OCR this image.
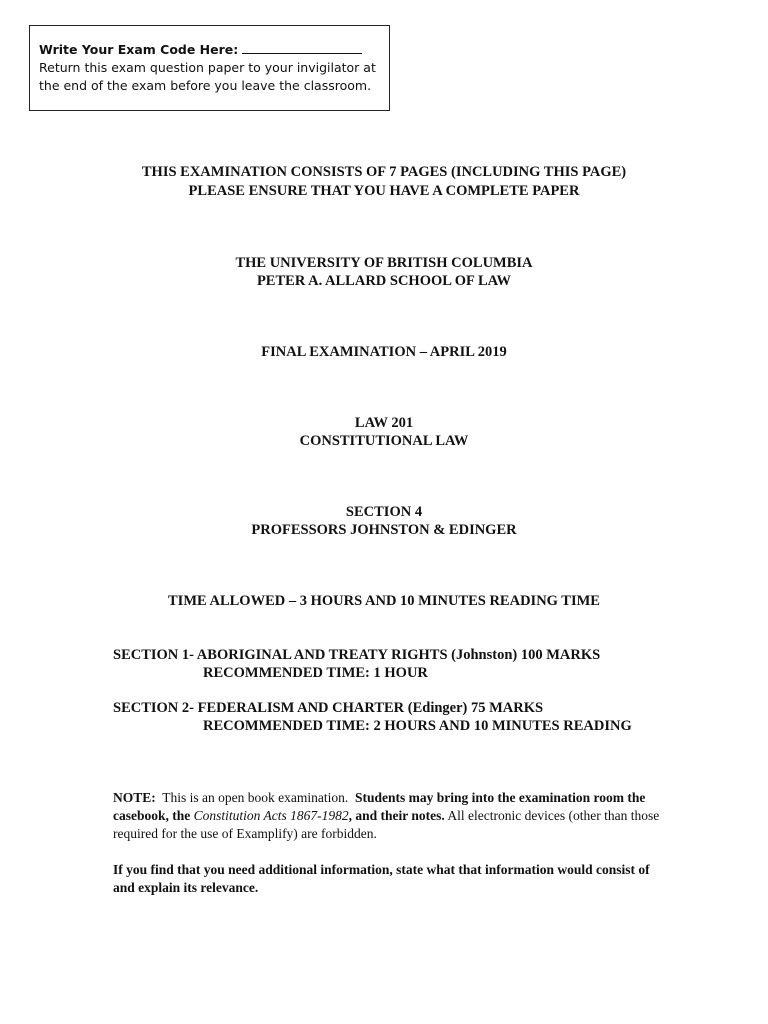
Write Your Exam Code Here:
Return this exam question paper to your invigilator at
the end of the exam before you leave the classroom.
THIS EXAMINATION CONSISTS OF 7 PAGES (INCLUDING THIS PAGE)
PLEASE ENSURE THAT YOU HAVE A COMPLETE PAPER
THE UNIVERSITY OF BRITISH COLUMBIA
PETER A. ALLARD SCHOOL OF LAW
FINAL EXAMINATION – APRIL 2019
LAW 201
CONSTITUTIONAL LAW
SECTION 4
PROFESSORS JOHNSTON & EDINGER
TIME ALLOWED – 3 HOURS AND 10 MINUTES READING TIME
SECTION 1- ABORIGINAL AND TREATY RIGHTS (Johnston) 100 MARKS
RECOMMENDED TIME: 1 HOUR
SECTION 2- FEDERALISM AND CHARTER (Edinger) 75 MARKS
RECOMMENDED TIME: 2 HOURS AND 10 MINUTES READING
NOTE: This is an open book examination. Students may bring into the examination room the casebook, the Constitution Acts 1867-1982, and their notes. All electronic devices (other than those required for the use of Examplify) are forbidden.
If you find that you need additional information, state what that information would consist of and explain its relevance.
